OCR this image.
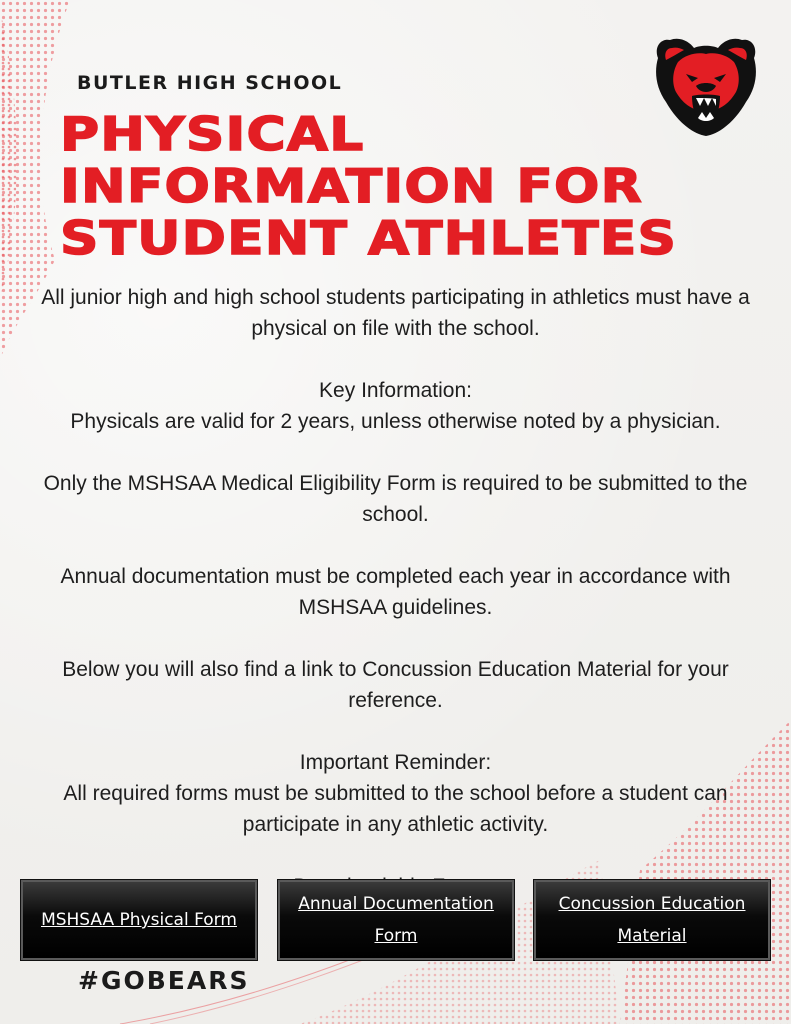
BUTLER HIGH SCHOOL
PHYSICAL
INFORMATION FOR
STUDENT ATHLETES

All junior high and high school students participating in athletics must have a physical on file with the school.

Key Information:

Physicals are valid for 2 years, unless otherwise noted by a physician.

Only the MSHSAA Medical Eligibility Form is required to be submitted to the school.

Annual documentation must be completed each year in accordance with MSHSAA guidelines.

Below you will also find a link to Concussion Education Material for your reference.

Important Reminder:

All required forms must be submitted to the school before a student can participate in any athletic activity.

MSHSAA Physical Form
Annual Documentation Form
Concussion Education Material
#GOBEARS
